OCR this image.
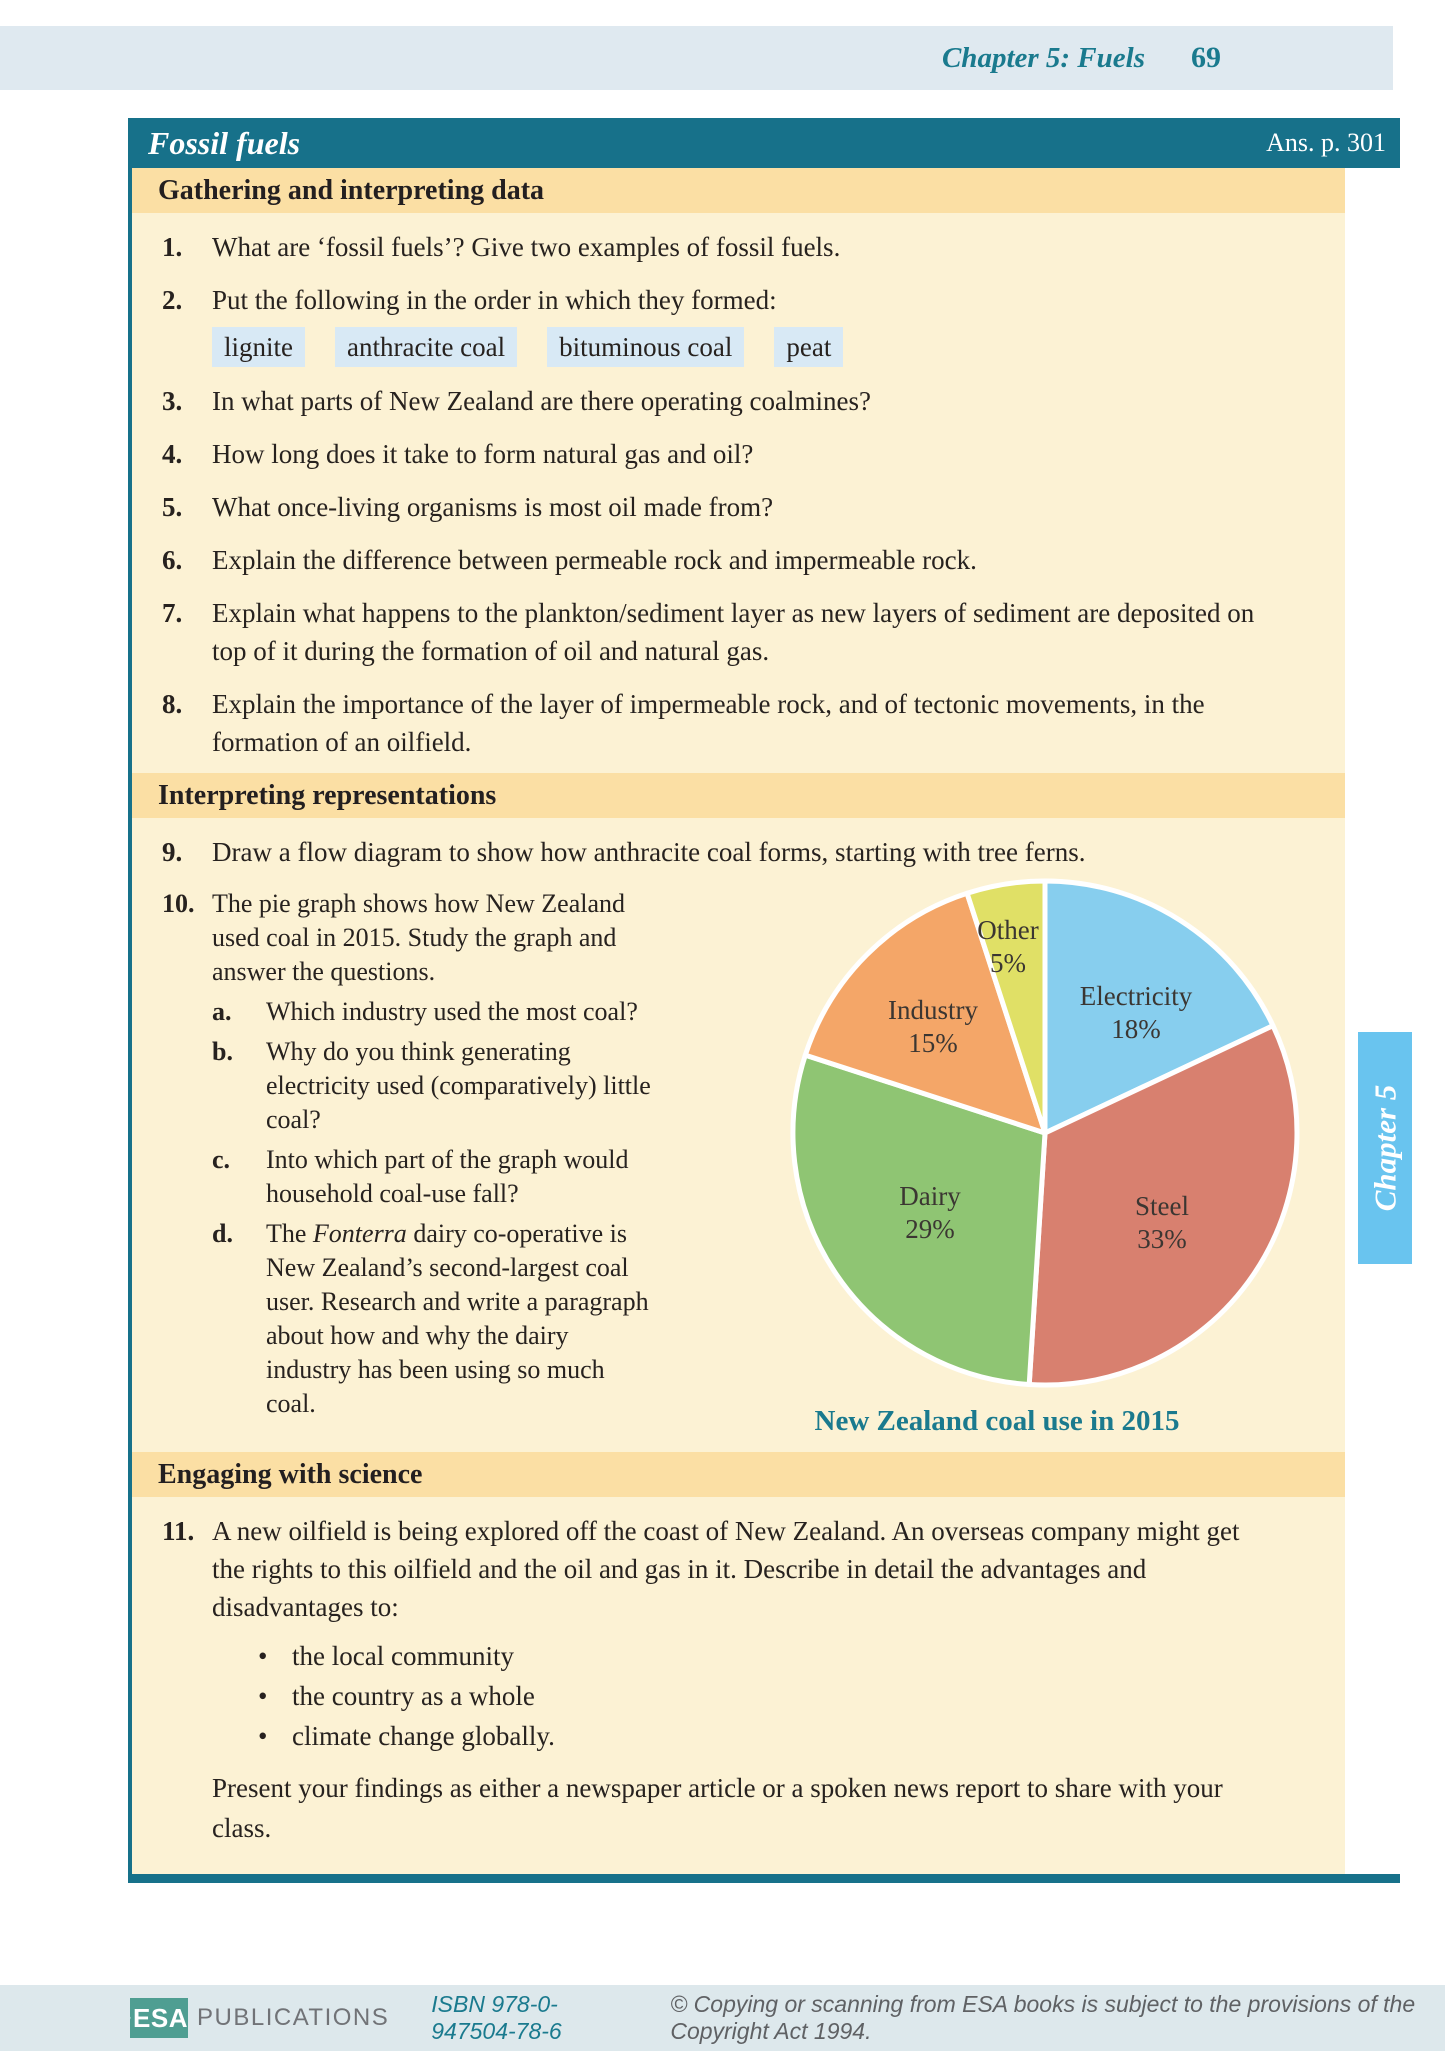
Chapter 5: Fuels 69
Fossil fuels	Ans. p. 301
Gathering and interpreting data
1.	What are ‘fossil fuels’? Give two examples of fossil fuels.
2.	Put the following in the order in which they formed:
lignite	anthracite coal	bituminous coal	peat
3.	In what parts of New Zealand are there operating coalmines?
4.	How long does it take to form natural gas and oil?
5.	What once-living organisms is most oil made from?
6.	Explain the difference between permeable rock and impermeable rock.
7.	Explain what happens to the plankton/sediment layer as new layers of sediment are deposited on top of it during the formation of oil and natural gas.
8.	Explain the importance of the layer of impermeable rock, and of tectonic movements, in the formation of an oilfield.
Interpreting representations
9.	Draw a flow diagram to show how anthracite coal forms, starting with tree ferns.
10. The pie graph shows how New Zealand used coal in 2015. Study the graph and answer the questions.
a.	Which industry used the most coal?
b.	Why do you think generating electricity used (comparatively) little coal?
c.	Into which part of the graph would household coal-use fall?
d.	The Fonterra dairy co-operative is New Zealand’s second-largest coal user. Research and write a paragraph about how and why the dairy industry has been using so much coal.
Engaging with science
11. A new oilfield is being explored off the coast of New Zealand. An overseas company might get the rights to this oilfield and the oil and gas in it. Describe in detail the advantages and disadvantages to:
• the local community
• the country as a whole
• climate change globally.
Present your findings as either a newspaper article or a spoken news report to share with your class.
Electricity
18%
Steel
33%
Dairy
29%
Industry
15%
Other
5%
New Zealand coal use in 2015
Chapter 5
ESA PUBLICATIONS ISBN 978-0-947504-78-6
© Copying or scanning from ESA books is subject to the provisions of the Copyright Act 1994.
